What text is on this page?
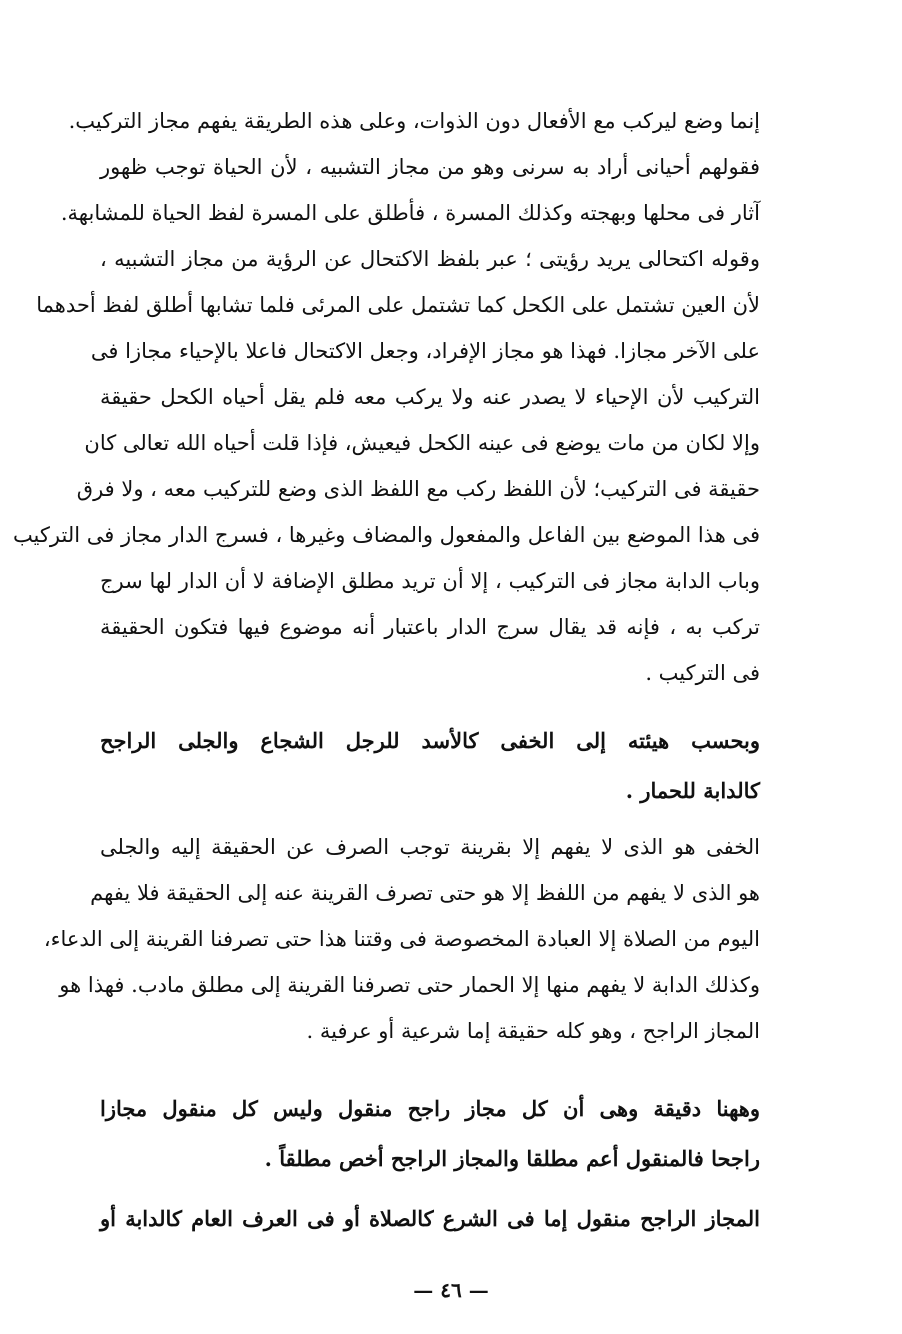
إنما وضع ليركب مع الأفعال دون الذوات، وعلى هذه الطريقة يفهم مجاز التركيب.
فقولهم أحيانى أراد به سرنى وهو من مجاز التشبيه ، لأن الحياة توجب ظهور
آثار فى محلها وبهجته وكذلك المسرة ، فأطلق على المسرة لفظ الحياة للمشابهة.
وقوله اكتحالى يريد رؤيتى ؛ عبر بلفظ الاكتحال عن الرؤية من مجاز التشبيه ،
لأن العين تشتمل على الكحل كما تشتمل على المرئى فلما تشابها أطلق لفظ أحدهما
على الآخر مجازا. فهذا هو مجاز الإفراد، وجعل الاكتحال فاعلا بالإحياء مجازا فى
التركيب لأن الإحياء لا يصدر عنه ولا يركب معه فلم يقل أحياه الكحل حقيقة
وإلا لكان من مات يوضع فى عينه الكحل فيعيش، فإذا قلت أحياه الله تعالى كان
حقيقة فى التركيب؛ لأن اللفظ ركب مع اللفظ الذى وضع للتركيب معه ، ولا فرق
فى هذا الموضع بين الفاعل والمفعول والمضاف وغيرها ، فسرج الدار مجاز فى التركيب
وباب الدابة مجاز فى التركيب ، إلا أن تريد مطلق الإضافة لا أن الدار لها سرج
تركب به ، فإنه قد يقال سرج الدار باعتبار أنه موضوع فيها فتكون الحقيقة
فى التركيب .
وبحسب هيئته إلى الخفى كالأسد للرجل الشجاع والجلى الراجح
كالدابة للحمار .
الخفى هو الذى لا يفهم إلا بقرينة توجب الصرف عن الحقيقة إليه والجلى
هو الذى لا يفهم من اللفظ إلا هو حتى تصرف القرينة عنه إلى الحقيقة فلا يفهم
اليوم من الصلاة إلا العبادة المخصوصة فى وقتنا هذا حتى تصرفنا القرينة إلى الدعاء،
وكذلك الدابة لا يفهم منها إلا الحمار حتى تصرفنا القرينة إلى مطلق مادب. فهذا هو
المجاز الراجح ، وهو كله حقيقة إما شرعية أو عرفية .
وههنا دقيقة وهى أن كل مجاز راجح منقول وليس كل منقول مجازا
راجحا فالمنقول أعم مطلقا والمجاز الراجح أخص مطلقاً .
المجاز الراجح منقول إما فى الشرع كالصلاة أو فى العرف العام كالدابة أو
— ٤٦ —
